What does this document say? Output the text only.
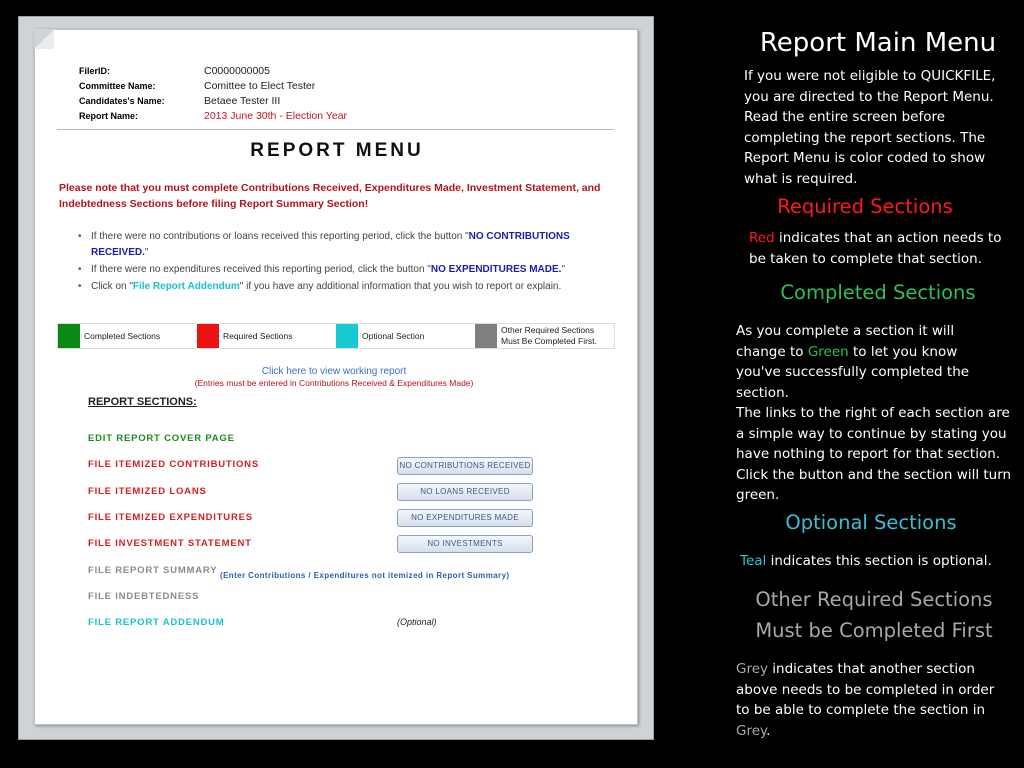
FilerID:	C0000000005
Committee Name:	Comittee to Elect Tester
Candidates's Name:	Betaee Tester III
Report Name:	2013 June 30th - Election Year
REPORT MENU
Please note that you must complete Contributions Received, Expenditures Made, Investment Statement, and Indebtedness Sections before filing Report Summary Section!
• If there were no contributions or loans received this reporting period, click the button "NO CONTRIBUTIONS RECEIVED."
• If there were no expenditures received this reporting period, click the button "NO EXPENDITURES MADE."
• Click on "File Report Addendum" if you have any additional information that you wish to report or explain.
Completed Sections	Required Sections	Optional Section
Other Required Sections Must Be Completed First.
Click here to view working report
(Entries must be entered in Contributions Received & Expenditures Made)
REPORT SECTIONS:
EDIT REPORT COVER PAGE
FILE ITEMIZED CONTRIBUTIONS	NO CONTRIBUTIONS RECEIVED
FILE ITEMIZED LOANS	NO LOANS RECEIVED
FILE ITEMIZED EXPENDITURES	NO EXPENDITURES MADE
FILE INVESTMENT STATEMENT	NO INVESTMENTS
FILE REPORT SUMMARY (Enter Contributions / Expenditures not itemized in Report Summary)
FILE INDEBTEDNESS
FILE REPORT ADDENDUM	(Optional)
Report Main Menu
If you were not eligible to QUICKFILE, you are directed to the Report Menu. Read the entire screen before completing the report sections. The Report Menu is color coded to show what is required.
Required Sections
Red indicates that an action needs to be taken to complete that section.
Completed Sections
As you complete a section it will change to Green to let you know you've successfully completed the section.
The links to the right of each section are a simple way to continue by stating you have nothing to report for that section. Click the button and the section will turn green.
Optional Sections
Teal indicates this section is optional.
Other Required Sections
Must be Completed First
Grey indicates that another section above needs to be completed in order to be able to complete the section in Grey.
